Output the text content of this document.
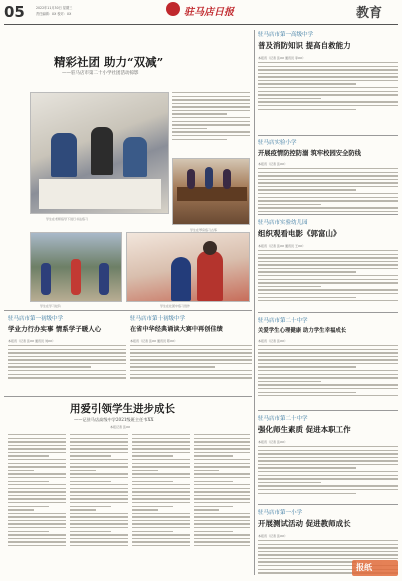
05	2022年11月30日 星期三
责任编辑：XX 校对：XX	驻马店日报	教育
精彩社团 助力“双减”
——驻马店市第二十小学社团活动掠影
学生在老师指导下进行书法练习
学生在琴房练习古筝
学生在学习扯铃	学生在社团中练习创作
驻马店市第一高级中学
普及消防知识 提高自救能力
本报讯（记者 张XX 通讯员 李XX）
驻马店实验小学
开展疫情防控防溺 筑牢校园安全防线
本报讯（记者 张XX）
驻马店市实验幼儿园
组织观看电影《郭富山》
本报讯（记者 张XX 通讯员 王XX）
驻马店市第二十中学
关爱学生心理健康 助力学生幸福成长
本报讯（记者 张XX）
驻马店市第二十中学
强化师生素质 促进本职工作
本报讯（记者 张XX）
驻马店市第一小学
开展测试活动 促进教师成长
本报讯（记者 张XX）
驻马店市第一初级中学
学业力行办实事 情系学子暖人心
本报讯（记者 张XX 通讯员 刘XX）
驻马店市第十初级中学
在省中华经典诵读大赛中再创佳绩
本报讯（记者 张XX 通讯员 陈XX）
用爱引领学生进步成长
——记驻马店高级中学2021级班主任韦XX
本报记者 张XX
报纸
